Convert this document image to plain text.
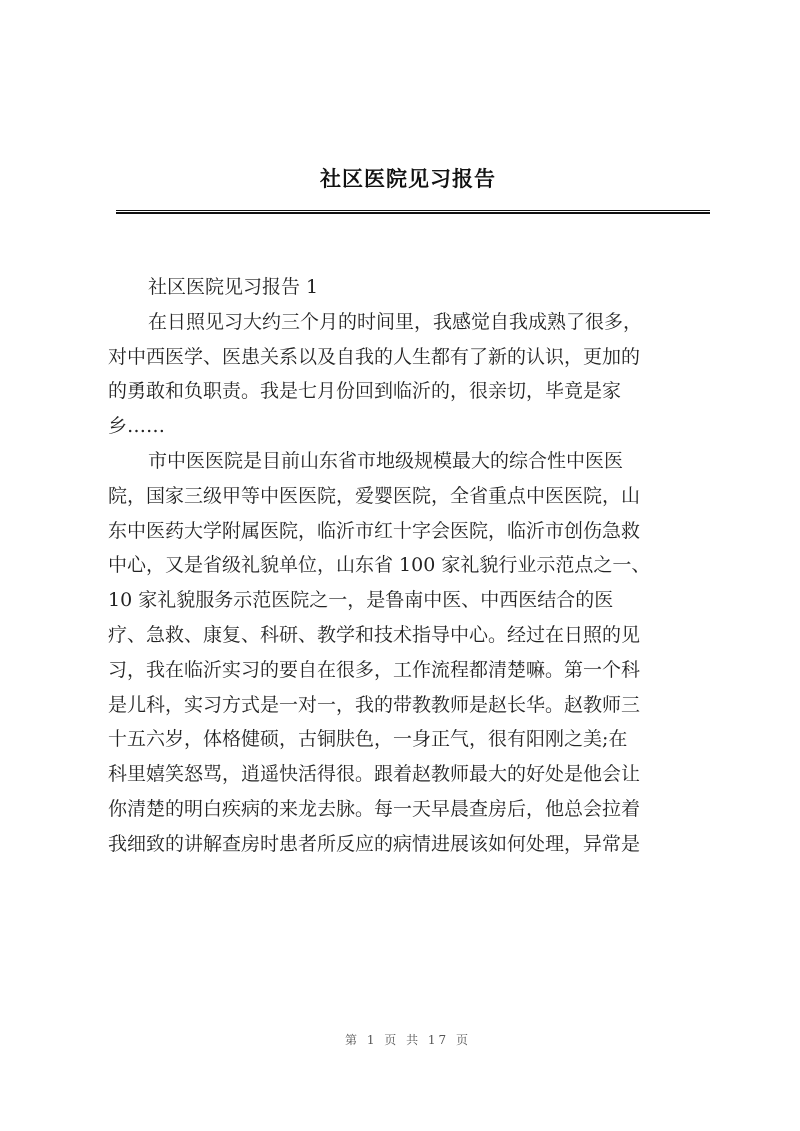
社区医院见习报告
社区医院见习报告 1
在日照见习大约三个月的时间里，我感觉自我成熟了很多，
对中西医学、医患关系以及自我的人生都有了新的认识，更加的
的勇敢和负职责。我是七月份回到临沂的，很亲切，毕竟是家
乡……
市中医医院是目前山东省市地级规模最大的综合性中医医
院，国家三级甲等中医医院，爱婴医院，全省重点中医医院，山
东中医药大学附属医院，临沂市红十字会医院，临沂市创伤急救
中心，又是省级礼貌单位，山东省 100 家礼貌行业示范点之一、
10 家礼貌服务示范医院之一，是鲁南中医、中西医结合的医
疗、急救、康复、科研、教学和技术指导中心。经过在日照的见
习，我在临沂实习的要自在很多，工作流程都清楚嘛。第一个科
是儿科，实习方式是一对一，我的带教教师是赵长华。赵教师三
十五六岁，体格健硕，古铜肤色，一身正气，很有阳刚之美;在
科里嬉笑怒骂，逍遥快活得很。跟着赵教师最大的好处是他会让
你清楚的明白疾病的来龙去脉。每一天早晨查房后，他总会拉着
我细致的讲解查房时患者所反应的病情进展该如何处理，异常是
第 1 页 共 17 页
